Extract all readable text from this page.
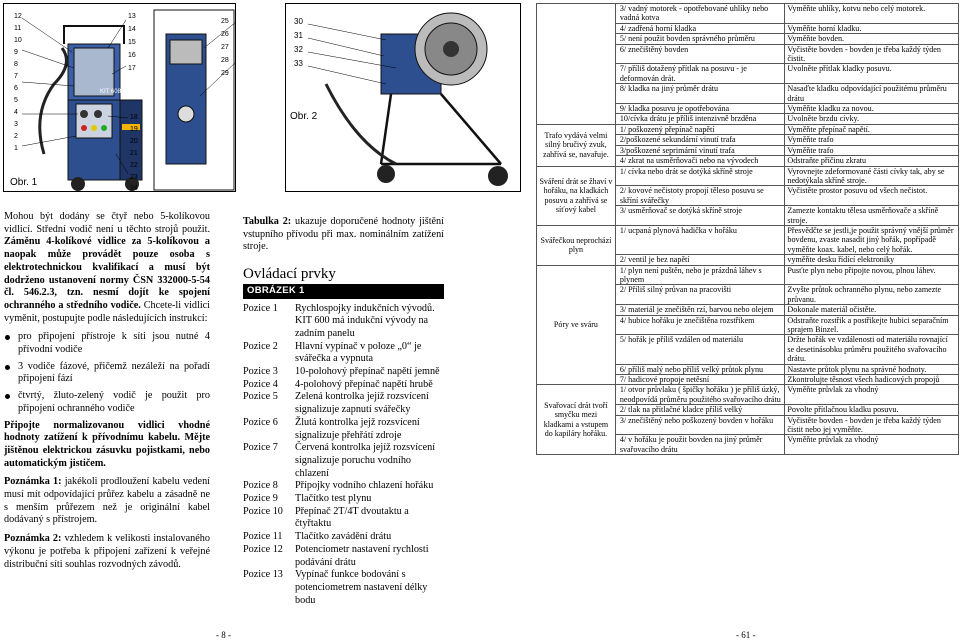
12
11
10
9
8
7
6
5
4
3
2
1
13
14
15
16
17
18
19
20
21
22
23
24
25
26
27
28
29
KIT 608
Obr. 1
30
31
32
33
Obr. 2

Mohou být dodány se čtyř nebo 5-kolíkovou vidlicí. Střední vodič není u těchto strojů použit. Záměnu 4-kolíkové vidlice za 5-kolíkovou a naopak může provádět pouze osoba s elektrotechnickou kvalifikací a musí být dodrženo ustanovení normy ČSN 332000-5-54 čl. 546.2.3, tzn. nesmí dojít ke spojení ochranného a středního vodiče. Chcete-li vidlici vyměnit, postupujte podle následujících instrukcí:

pro připojení přístroje k síti jsou nutné 4 přívodní vodiče
3 vodiče fázové, přičemž nezáleží na pořadí připojení fází
čtvrtý, žluto-zelený vodič je použit pro připojení ochranného vodiče

Připojte normalizovanou vidlici vhodné hodnoty zatížení k přívodnímu kabelu. Mějte jištěnou elektrickou zásuvku pojistkami, nebo automatickým jističem.

Poznámka 1: jakékoli prodloužení kabelu vedení musí mít odpovídající průřez kabelu a zásadně ne s menším průřezem než je originální kabel dodávaný s přístrojem.

Poznámka 2: vzhledem k velikosti instalovaného výkonu je potřeba k připojení zařízení k veřejné distribuční síti souhlas rozvodných závodů.

Tabulka 2: ukazuje doporučené hodnoty jištění vstupního přívodu při max. nominálním zatížení stroje.

Ovládací prvky
OBRÁZEK 1
Pozice 1	Rychlospojky indukčních vývodů. KIT 600 má indukční vývody na zadním panelu
Pozice 2	Hlavní vypínač v poloze „0“ je svářečka a vypnuta
Pozice 3	10-polohový přepínač napětí jemně
Pozice 4	4-polohový přepínač napětí hrubě
Pozice 5	Zelená kontrolka jejíž rozsvícení signalizuje zapnutí svářečky
Pozice 6	Žlutá kontrolka jejž rozsvícení signalizuje přehřátí zdroje
Pozice 7	Červená kontrolka jejíž rozsvícení signalizuje poruchu vodního chlazení
Pozice 8	Přípojky vodního chlazení hořáku
Pozice 9	Tlačítko test plynu
Pozice 10	Přepínač 2T/4T dvoutaktu a čtyřtaktu
Pozice 11	Tlačítko zavádění drátu
Pozice 12	Potenciometr nastavení rychlosti podávání drátu
Pozice 13	Vypínač funkce bodování s potenciometrem nastavení délky bodu
	3/ vadný motorek - opotřebované uhlíky nebo vadná kotva	Vyměňte uhlíky, kotvu nebo celý motorek.
	4/ zadřená horní kladka	Vyměňte horní kladku.
	5/ není použit bovden správného průměru	Vyměňte bovden.
	6/ znečištěný bovden	Vyčistěte bovden - bovden je třeba každý týden čistit.
	7/ příliš dotažený přítlak na posuvu - je deformován drát.	Uvolněte přítlak kladky posuvu.
	8/ kladka na jiný průměr drátu	Nasaďte kladku odpovídající použitému průměru drátu
	9/ kladka posuvu je opotřebována	Vyměňte kladku za novou.
	10/cívka drátu je příliš intenzivně brzděna	Uvolněte brzdu cívky.
Trafo vydává velmi silný bručivý zvuk, zahřívá se, navařuje.	1/ poškozený přepínač napětí	Vyměňte přepínač napětí.
	2/poškozené sekundární vinutí trafa	Vyměňte trafo
	3/poškozené seprimární vinutí trafa	Vyměňte trafo
	4/ zkrat na usměrňovači nebo na vývodech	Odstraňte příčinu zkratu
Sváření drát se žhaví v hořáku, na kladkách posuvu a zahřívá se síťový kabel	1/ cívka nebo drát se dotýká skříně stroje	Vyrovnejte zdeformované části cívky tak, aby se nedotýkala skříně stroje.
	2/ kovové nečistoty propojí těleso posuvu se skříní svářečky	Vyčistěte prostor posuvu od všech nečistot.
	3/ usměrňovač se dotýká skříně stroje	Zamezte kontaktu tělesa usměrňovače a skříně stroje.
Svářečkou neprochází plyn	1/ ucpaná plynová hadička v hořáku	Přesvědčte se jestli,je použit správný vnější průměr bovdenu, zvaste nasadit jiný hořák, popřípadě vyměňte koax. kabel, nebo celý hořák.
	2/ ventil je bez napětí	vyměňte desku řídící elektroniky
Póry ve sváru	1/ plyn není puštěn, nebo je prázdná láhev s plynem	Pusťte plyn nebo připojte novou, plnou láhev.
	2/ Příliš silný průvan na pracovišti	Zvyšte průtok ochranného plynu, nebo zamezte průvanu.
	3/ materiál je znečištěn rzí, barvou nebo olejem	Dokonale materiál očistěte.
	4/ hubice hořáku je znečištěna rozstřikem	Odstraňte rozstřik a postřikejte hubici separačním sprajem Binzel.
	5/ hořák je příliš vzdálen od materiálu	Držte hořák ve vzdálenosti od materiálu rovnající se desetinásobku průměru použitého svařovacího drátu.
	6/ příliš malý nebo příliš velký průtok plynu	Nastavte průtok plynu na správné hodnoty.
	7/ hadicové propoje netěsní	Zkontrolujte těsnost všech hadicových propojů
Svařovací drát tvoří smyčku mezi kladkami a vstupem do kapiláry hořáku.	1/ otvor průvlaku ( špičky hořáku ) je příliš úzký, neodpovídá průměru použitého svařovacího drátu	Vyměňte průvlak za vhodný
	2/ tlak na přítlačné kladce příliš velký	Povolte přítlačnou kladku posuvu.
	3/ znečištěný nebo poškozený bovden v hořáku	Vyčistěte bovden - bovden je třeba každý týden čistit nebo jej vyměňte.
	4/ v hořáku je použit bovden na jiný průměr svařovacího drátu	Vyměňte průvlak za vhodný
- 8 -	- 61 -
